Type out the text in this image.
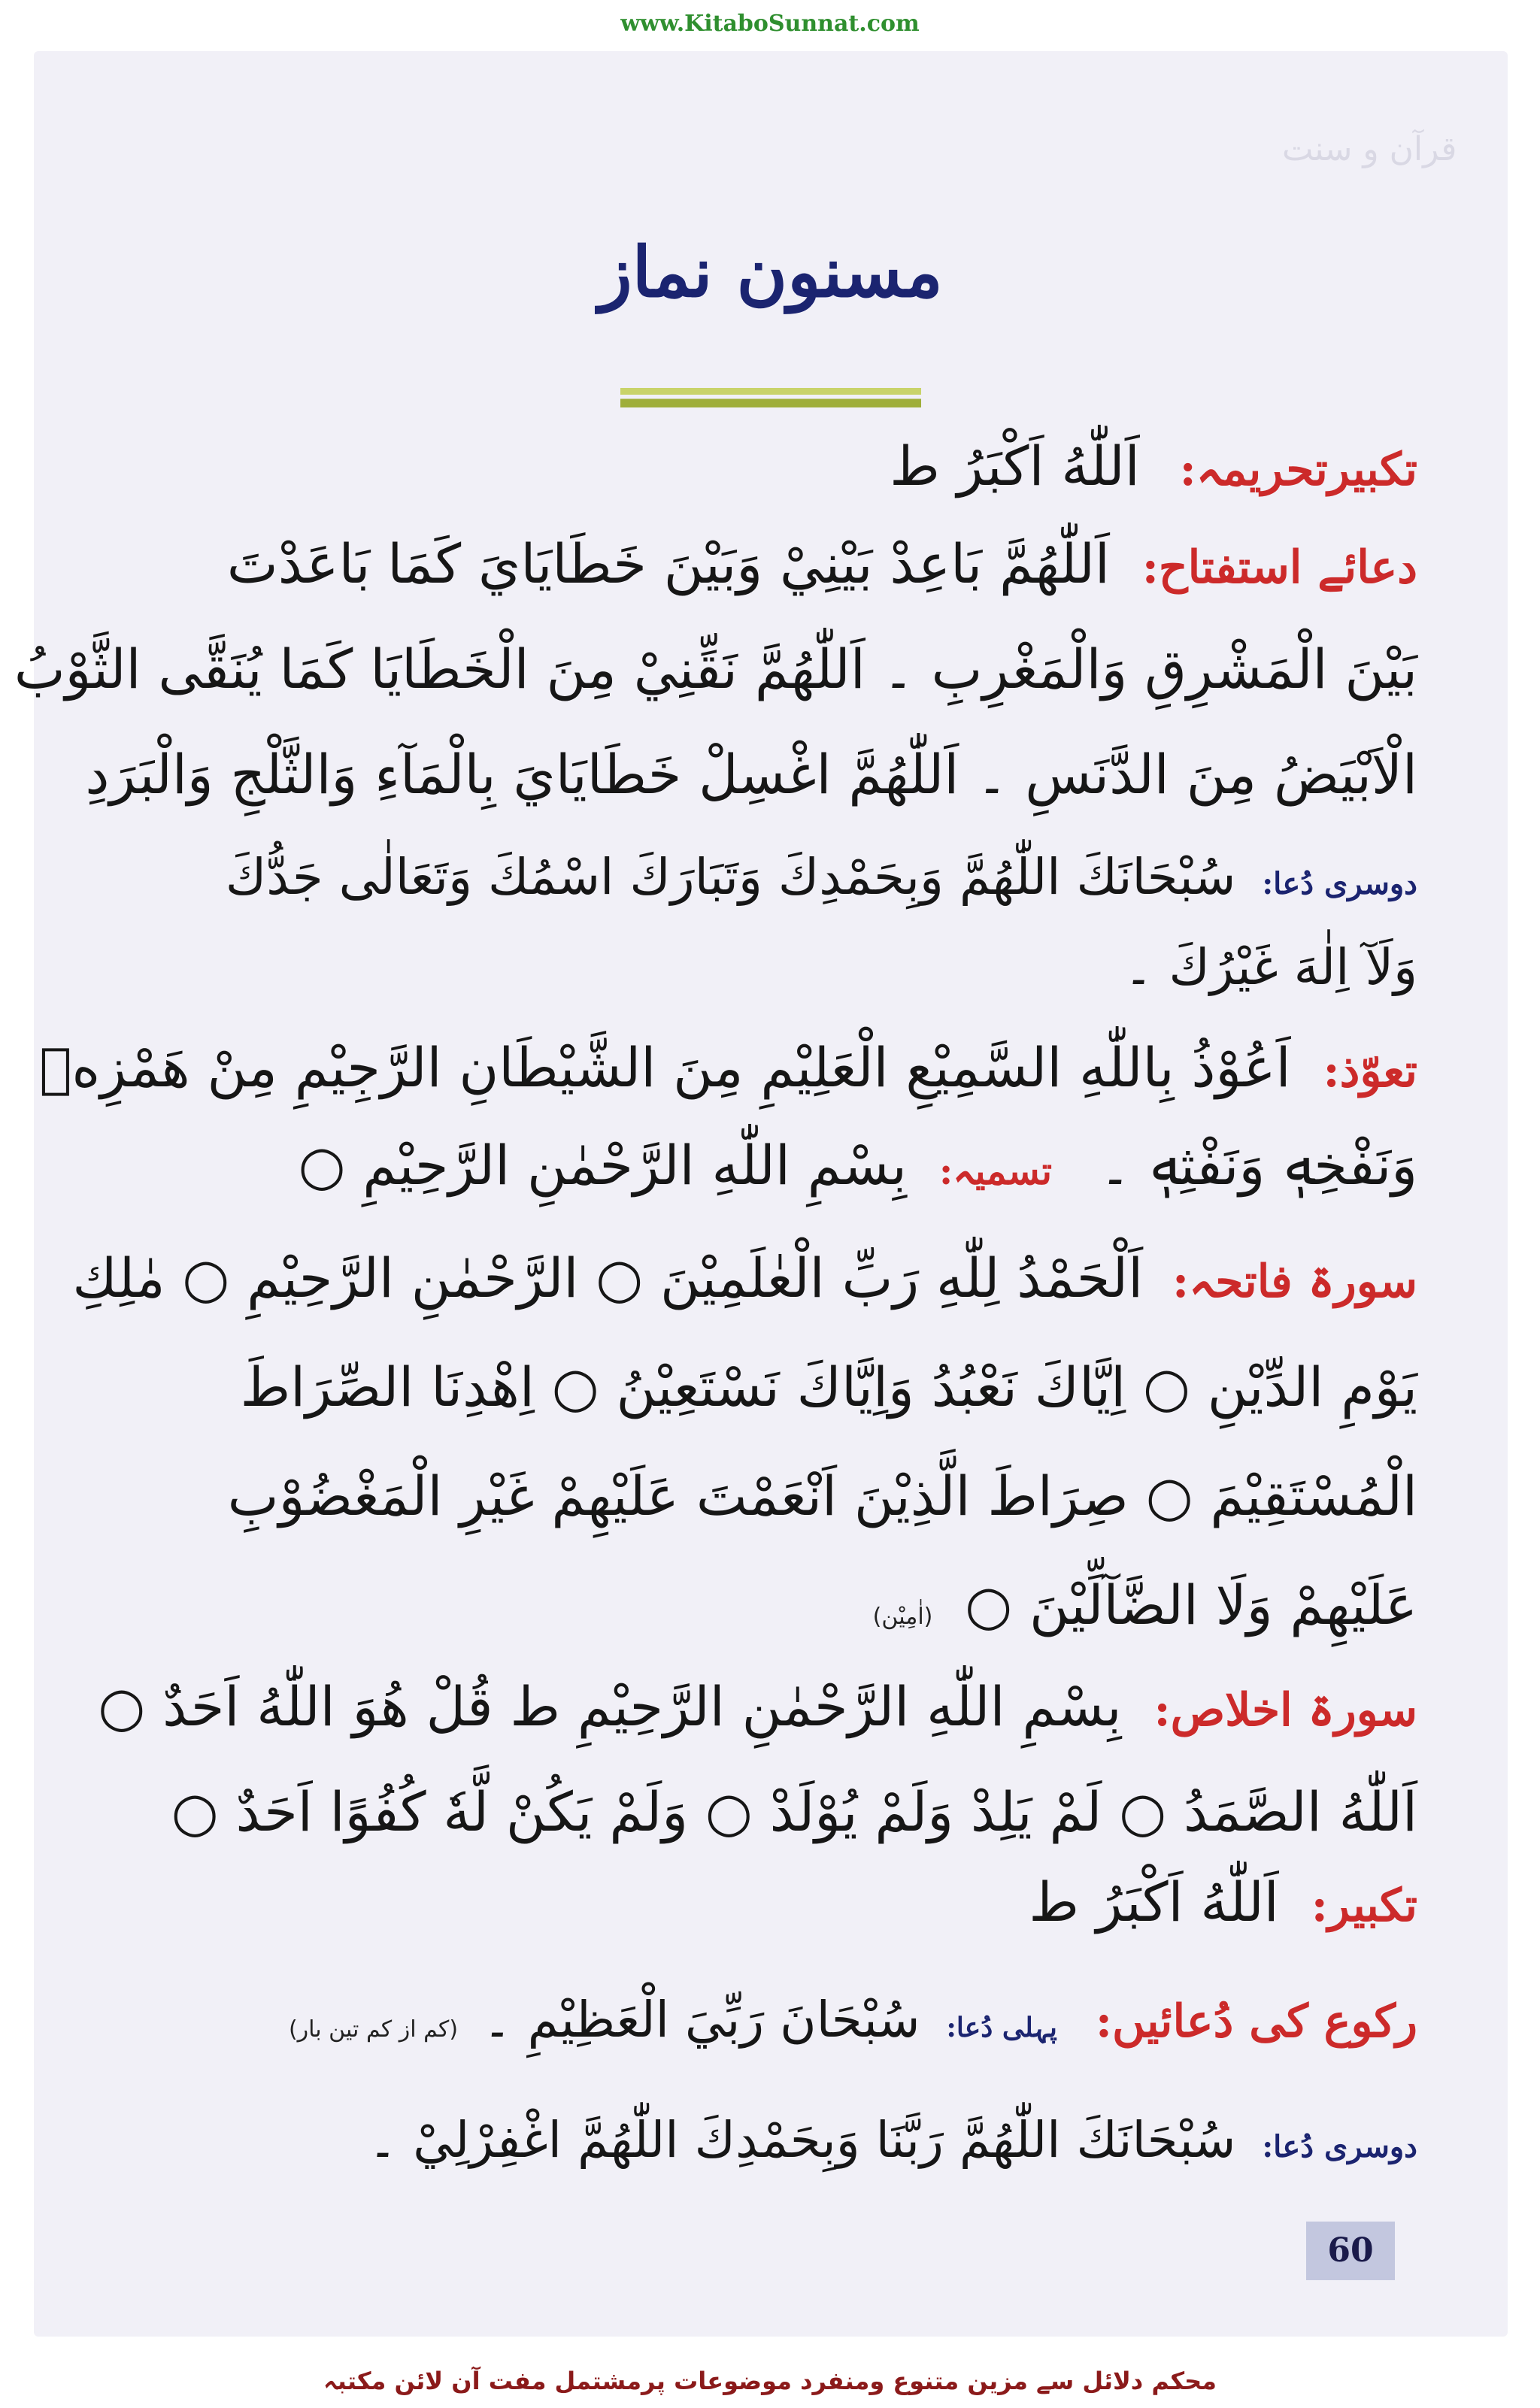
www.KitaboSunnat.com
قرآن و سنت
مسنون نماز
تکبیرتحریمہ: اَللّٰهُ اَكْبَرُ ط
دعائے استفتاح: اَللّٰهُمَّ بَاعِدْ بَيْنِيْ وَبَيْنَ خَطَايَايَ كَمَا بَاعَدْتَ
بَيْنَ الْمَشْرِقِ وَالْمَغْرِبِ ۔ اَللّٰهُمَّ نَقِّنِيْ مِنَ الْخَطَايَا كَمَا يُنَقَّى الثَّوْبُ
الْاَبْيَضُ مِنَ الدَّنَسِ ۔ اَللّٰهُمَّ اغْسِلْ خَطَايَايَ بِالْمَآءِ وَالثَّلْجِ وَالْبَرَدِ
دوسری دُعا: سُبْحَانَكَ اللّٰهُمَّ وَبِحَمْدِكَ وَتَبَارَكَ اسْمُكَ وَتَعَالٰى جَدُّكَ
وَلَآ اِلٰهَ غَيْرُكَ ۔
تعوّذ: اَعُوْذُ بِاللّٰهِ السَّمِيْعِ الْعَلِيْمِ مِنَ الشَّيْطَانِ الرَّجِيْمِ مِنْ هَمْزِهٖ
وَنَفْخِهٖ وَنَفْثِهٖ ۔ تسمیہ: بِسْمِ اللّٰهِ الرَّحْمٰنِ الرَّحِيْمِ ○
سورۃ فاتحہ: اَلْحَمْدُ لِلّٰهِ رَبِّ الْعٰلَمِيْنَ ○ الرَّحْمٰنِ الرَّحِيْمِ ○ مٰلِكِ
يَوْمِ الدِّيْنِ ○ اِيَّاكَ نَعْبُدُ وَاِيَّاكَ نَسْتَعِيْنُ ○ اِهْدِنَا الصِّرَاطَ
الْمُسْتَقِيْمَ ○ صِرَاطَ الَّذِيْنَ اَنْعَمْتَ عَلَيْهِمْ غَيْرِ الْمَغْضُوْبِ
عَلَيْهِمْ وَلَا الضَّآلِّيْنَ ○ (اٰمِيْن)
سورۃ اخلاص: بِسْمِ اللّٰهِ الرَّحْمٰنِ الرَّحِيْمِ ط قُلْ هُوَ اللّٰهُ اَحَدٌ ○
اَللّٰهُ الصَّمَدُ ○ لَمْ يَلِدْ وَلَمْ يُوْلَدْ ○ وَلَمْ يَكُنْ لَّهٗ كُفُوًا اَحَدٌ ○
تکبیر: اَللّٰهُ اَكْبَرُ ط
رکوع کی دُعائیں: پہلی دُعا: سُبْحَانَ رَبِّيَ الْعَظِيْمِ ۔ (کم از کم تین بار)
دوسری دُعا: سُبْحَانَكَ اللّٰهُمَّ رَبَّنَا وَبِحَمْدِكَ اللّٰهُمَّ اغْفِرْلِيْ ۔
60
محکم دلائل سے مزین متنوع ومنفرد موضوعات پرمشتمل مفت آن لائن مکتبہ
